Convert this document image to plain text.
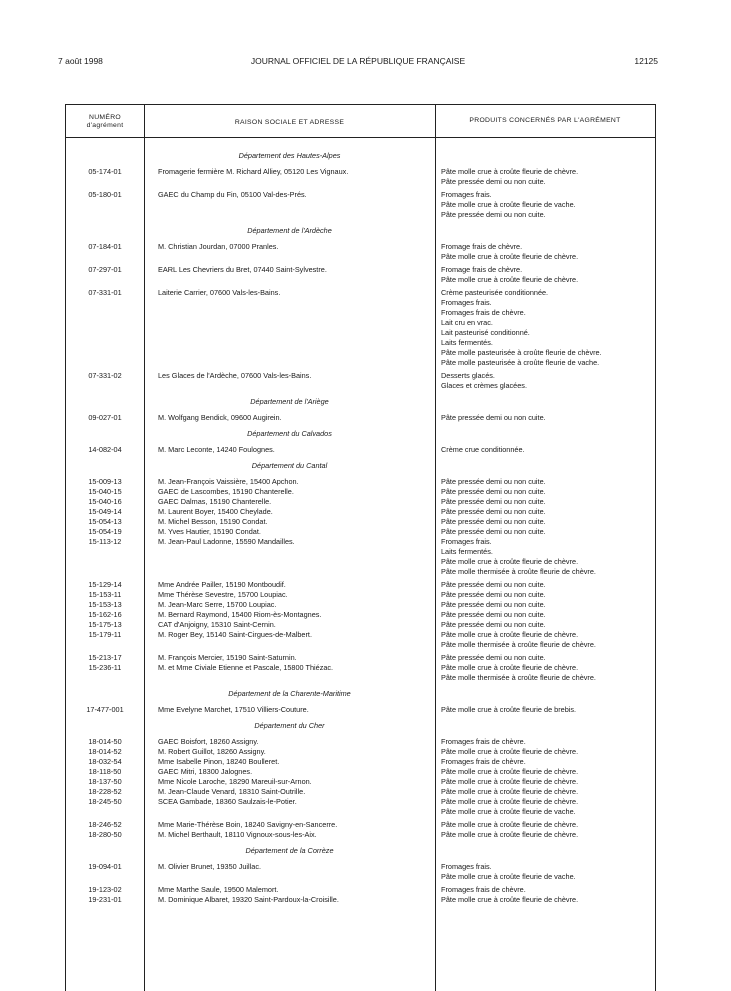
7 août 1998	JOURNAL OFFICIEL DE LA RÉPUBLIQUE FRANÇAISE	12125
NUMÉRO
d'agrément	RAISON SOCIALE ET ADRESSE	PRODUITS CONCERNÉS PAR L'AGRÉMENT
Département des Hautes-Alpes
05-174-01	Fromagerie fermière M. Richard Alliey, 05120 Les Vignaux.	Pâte molle crue à croûte fleurie de chèvre.
Pâte pressée demi ou non cuite.
05-180-01	GAEC du Champ du Fin, 05100 Val-des-Prés.	Fromages frais.
Pâte molle crue à croûte fleurie de vache.
Pâte pressée demi ou non cuite.
Département de l'Ardèche
07-184-01	M. Christian Jourdan, 07000 Pranles.	Fromage frais de chèvre.
Pâte molle crue à croûte fleurie de chèvre.
07-297-01	EARL Les Chevriers du Bret, 07440 Saint-Sylvestre.	Fromage frais de chèvre.
Pâte molle crue à croûte fleurie de chèvre.
07-331-01	Laiterie Carrier, 07600 Vals-les-Bains.	Crème pasteurisée conditionnée.
Fromages frais.
Fromages frais de chèvre.
Lait cru en vrac.
Lait pasteurisé conditionné.
Laits fermentés.
Pâte molle pasteurisée à croûte fleurie de chèvre.
Pâte molle pasteurisée à croûte fleurie de vache.
07-331-02	Les Glaces de l'Ardèche, 07600 Vals-les-Bains.	Desserts glacés.
Glaces et crèmes glacées.
Département de l'Ariège
09-027-01	M. Wolfgang Bendick, 09600 Augirein.	Pâte pressée demi ou non cuite.
Département du Calvados
14-082-04	M. Marc Leconte, 14240 Foulognes.	Crème crue conditionnée.
Département du Cantal
15-009-13	M. Jean-François Vaissière, 15400 Apchon.	Pâte pressée demi ou non cuite.
15-040-15	GAEC de Lascombes, 15190 Chanterelle.	Pâte pressée demi ou non cuite.
15-040-16	GAEC Dalmas, 15190 Chanterelle.	Pâte pressée demi ou non cuite.
15-049-14	M. Laurent Boyer, 15400 Cheylade.	Pâte pressée demi ou non cuite.
15-054-13	M. Michel Besson, 15190 Condat.	Pâte pressée demi ou non cuite.
15-054-19	M. Yves Hautier, 15190 Condat.	Pâte pressée demi ou non cuite.
15-113-12	M. Jean-Paul Ladonne, 15590 Mandailles.	Fromages frais.
Laits fermentés.
Pâte molle crue à croûte fleurie de chèvre.
Pâte molle thermisée à croûte fleurie de chèvre.
15-129-14	Mme Andrée Pailler, 15190 Montboudif.	Pâte pressée demi ou non cuite.
15-153-11	Mme Thérèse Sevestre, 15700 Loupiac.	Pâte pressée demi ou non cuite.
15-153-13	M. Jean-Marc Serre, 15700 Loupiac.	Pâte pressée demi ou non cuite.
15-162-16	M. Bernard Raymond, 15400 Riom-ès-Montagnes.	Pâte pressée demi ou non cuite.
15-175-13	CAT d'Anjoigny, 15310 Saint-Cernin.	Pâte pressée demi ou non cuite.
15-179-11	M. Roger Bey, 15140 Saint-Cirgues-de-Malbert.	Pâte molle crue à croûte fleurie de chèvre.
Pâte molle thermisée à croûte fleurie de chèvre.
15-213-17	M. François Mercier, 15190 Saint-Saturnin.	Pâte pressée demi ou non cuite.
15-236-11	M. et Mme Civiale Etienne et Pascale, 15800 Thiézac.	Pâte molle crue à croûte fleurie de chèvre.
Pâte molle thermisée à croûte fleurie de chèvre.
Département de la Charente-Maritime
17-477-001	Mme Evelyne Marchet, 17510 Villiers-Couture.	Pâte molle crue à croûte fleurie de brebis.
Département du Cher
18-014-50	GAEC Boisfort, 18260 Assigny.	Fromages frais de chèvre.
18-014-52	M. Robert Guillot, 18260 Assigny.	Pâte molle crue à croûte fleurie de chèvre.
18-032-54	Mme Isabelle Pinon, 18240 Boulleret.	Fromages frais de chèvre.
18-118-50	GAEC Mitri, 18300 Jalognes.	Pâte molle crue à croûte fleurie de chèvre.
18-137-50	Mme Nicole Laroche, 18290 Mareuil-sur-Arnon.	Pâte molle crue à croûte fleurie de chèvre.
18-228-52	M. Jean-Claude Venard, 18310 Saint-Outrille.	Pâte molle crue à croûte fleurie de chèvre.
18-245-50	SCEA Gambade, 18360 Saulzais-le-Potier.	Pâte molle crue à croûte fleurie de chèvre.
Pâte molle crue à croûte fleurie de vache.
18-246-52	Mme Marie-Thérèse Boin, 18240 Savigny-en-Sancerre.	Pâte molle crue à croûte fleurie de chèvre.
18-280-50	M. Michel Berthault, 18110 Vignoux-sous-les-Aix.	Pâte molle crue à croûte fleurie de chèvre.
Département de la Corrèze
19-094-01	M. Olivier Brunet, 19350 Juillac.	Fromages frais.
Pâte molle crue à croûte fleurie de vache.
19-123-02	Mme Marthe Saule, 19500 Malemort.	Fromages frais de chèvre.
19-231-01	M. Dominique Albaret, 19320 Saint-Pardoux-la-Croisille.	Pâte molle crue à croûte fleurie de chèvre.
